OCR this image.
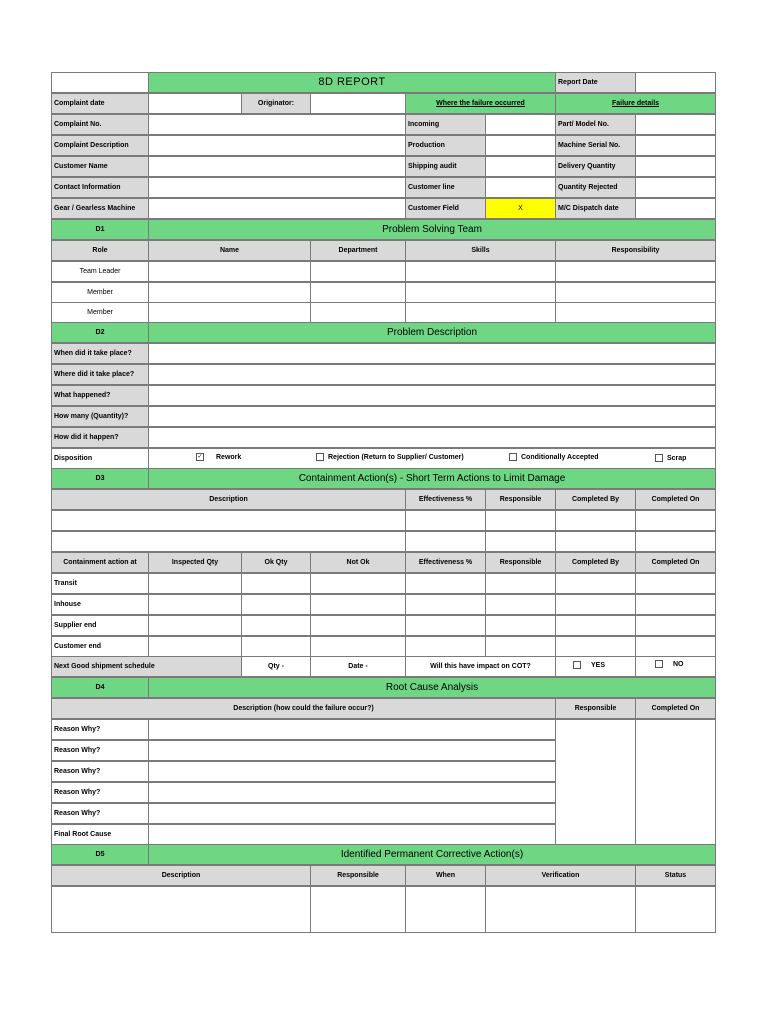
8D REPORT	Report Date
Complaint date	Originator:	Where the failure occurred	Failure details
Complaint No.	Incoming	Part/ Model No.
Complaint Description	Production	Machine Serial No.
Customer Name	Shipping audit	Delivery Quantity
Contact Information	Customer line	Quantity Rejected
Gear / Gearless Machine	Customer Field	X	M/C Dispatch date
D1	Problem Solving Team
Role	Name	Department	Skills	Responsibility
Team Leader
Member
Member
D2	Problem Description
When did it take place?
Where did it take place?
What happened?
How many (Quantity)?
How did it happen?
Disposition	✓ Rework	Rejection (Return to Supplier/ Customer)	Conditionally Accepted	Scrap
D3	Containment Action(s) - Short Term Actions to Limit Damage
Description	Effectiveness %	Responsible	Completed By	Completed On
Containment action at	Inspected Qty	Ok Qty	Not Ok	Effectiveness %	Responsible	Completed By	Completed On
Transit
Inhouse
Supplier end
Customer end
Next Good shipment schedule	Qty -	Date -	Will this have impact on COT?	YES	NO
D4	Root Cause Analysis
Description (how could the failure occur?)	Responsible	Completed On
Reason Why?
Reason Why?
Reason Why?
Reason Why?
Reason Why?
Final Root Cause
D5	Identified Permanent Corrective Action(s)
Description	Responsible	When	Verification	Status
